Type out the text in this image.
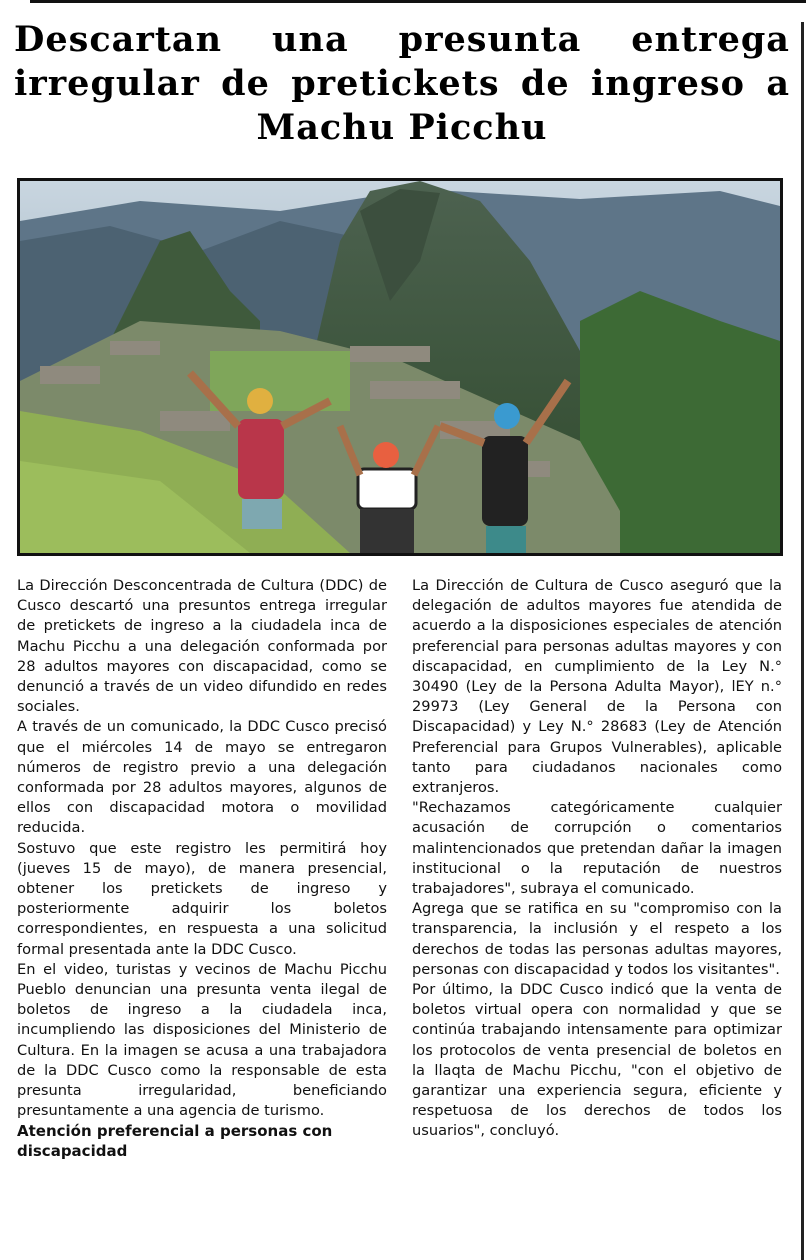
Descartan una presunta entrega irregular de pretickets de ingreso a Machu Picchu

La Dirección Desconcentrada de Cultura (DDC) de Cusco descartó una presuntos entrega irregular de pretickets de ingreso a la ciudadela inca de Machu Picchu a una delegación conformada por 28 adultos mayores con discapacidad, como se denunció a través de un video difundido en redes sociales.

A través de un comunicado, la DDC Cusco precisó que el miércoles 14 de mayo se entregaron números de registro previo a una delegación conformada por 28 adultos mayores, algunos de ellos con discapacidad motora o movilidad reducida.

Sostuvo que este registro les permitirá hoy (jueves 15 de mayo), de manera presencial, obtener los pretickets de ingreso y posteriormente adquirir los boletos correspondientes, en respuesta a una solicitud formal presentada ante la DDC Cusco.

En el video, turistas y vecinos de Machu Picchu Pueblo denuncian una presunta venta ilegal de boletos de ingreso a la ciudadela inca, incumpliendo las disposiciones del Ministerio de Cultura. En la imagen se acusa a una trabajadora de la DDC Cusco como la responsable de esta presunta irregularidad, beneficiando presuntamente a una agencia de turismo.

Atención preferencial a personas con discapacidad

La Dirección de Cultura de Cusco aseguró que la delegación de adultos mayores fue atendida de acuerdo a la disposiciones especiales de atención preferencial para personas adultas mayores y con discapacidad, en cumplimiento de la Ley N.° 30490 (Ley de la Persona Adulta Mayor), lEY n.° 29973 (Ley General de la Persona con Discapacidad) y Ley N.° 28683 (Ley de Atención Preferencial para Grupos Vulnerables), aplicable tanto para ciudadanos nacionales como extranjeros.

"Rechazamos categóricamente cualquier acusación de corrupción o comentarios malintencionados que pretendan dañar la imagen institucional o la reputación de nuestros trabajadores", subraya el comunicado.

Agrega que se ratifica en su "compromiso con la transparencia, la inclusión y el respeto a los derechos de todas las personas adultas mayores, personas con discapacidad y todos los visitantes".

Por último, la DDC Cusco indicó que la venta de boletos virtual opera con normalidad y que se continúa trabajando intensamente para optimizar los protocolos de venta presencial de boletos en la llaqta de Machu Picchu, "con el objetivo de garantizar una experiencia segura, eficiente y respetuosa de los derechos de todos los usuarios", concluyó.
